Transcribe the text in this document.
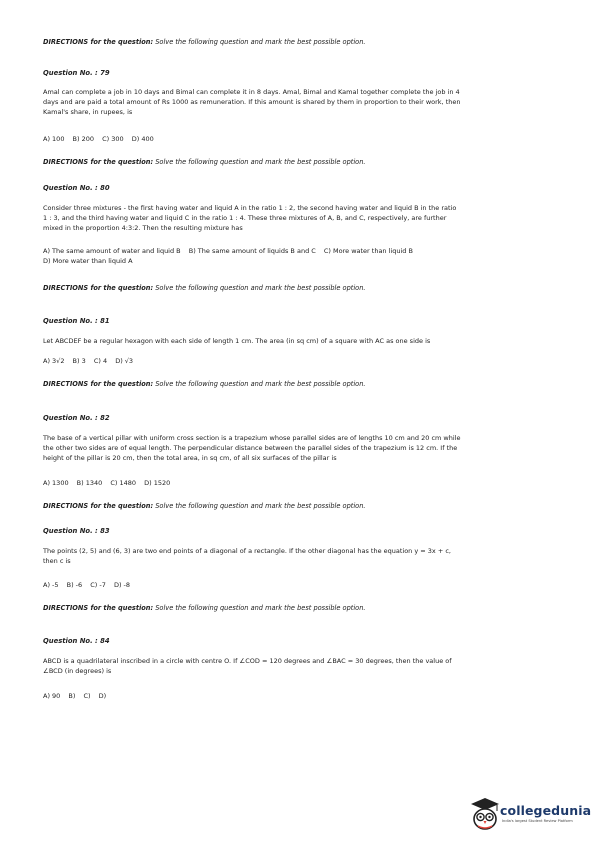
DIRECTIONS for the question: Solve the following question and mark the best possible option.
Question No. : 79
Amal can complete a job in 10 days and Bimal can complete it in 8 days. Amal, Bimal and Kamal together complete the job in 4
days and are paid a total amount of Rs 1000 as remuneration. If this amount is shared by them in proportion to their work, then
Kamal's share, in rupees, is
A) 100 B) 200 C) 300 D) 400
DIRECTIONS for the question: Solve the following question and mark the best possible option.
Question No. : 80
Consider three mixtures - the first having water and liquid A in the ratio 1 : 2, the second having water and liquid B in the ratio
1 : 3, and the third having water and liquid C in the ratio 1 : 4. These three mixtures of A, B, and C, respectively, are further
mixed in the proportion 4:3:2. Then the resulting mixture has
A) The same amount of water and liquid B B) The same amount of liquids B and C C) More water than liquid B
D) More water than liquid A
DIRECTIONS for the question: Solve the following question and mark the best possible option.
Question No. : 81
Let ABCDEF be a regular hexagon with each side of length 1 cm. The area (in sq cm) of a square with AC as one side is
A) 3√2 B) 3 C) 4 D) √3
DIRECTIONS for the question: Solve the following question and mark the best possible option.
Question No. : 82
The base of a vertical pillar with uniform cross section is a trapezium whose parallel sides are of lengths 10 cm and 20 cm while
the other two sides are of equal length. The perpendicular distance between the parallel sides of the trapezium is 12 cm. If the
height of the pillar is 20 cm, then the total area, in sq cm, of all six surfaces of the pillar is
A) 1300 B) 1340 C) 1480 D) 1520
DIRECTIONS for the question: Solve the following question and mark the best possible option.
Question No. : 83
The points (2, 5) and (6, 3) are two end points of a diagonal of a rectangle. If the other diagonal has the equation y = 3x + c,
then c is
A) -5 B) -6 C) -7 D) -8
DIRECTIONS for the question: Solve the following question and mark the best possible option.
Question No. : 84
ABCD is a quadrilateral inscribed in a circle with centre O. If ∠COD = 120 degrees and ∠BAC = 30 degrees, then the value of
∠BCD (in degrees) is
A) 90 B) C) D)
collegedunia
India's largest Student Review Platform
